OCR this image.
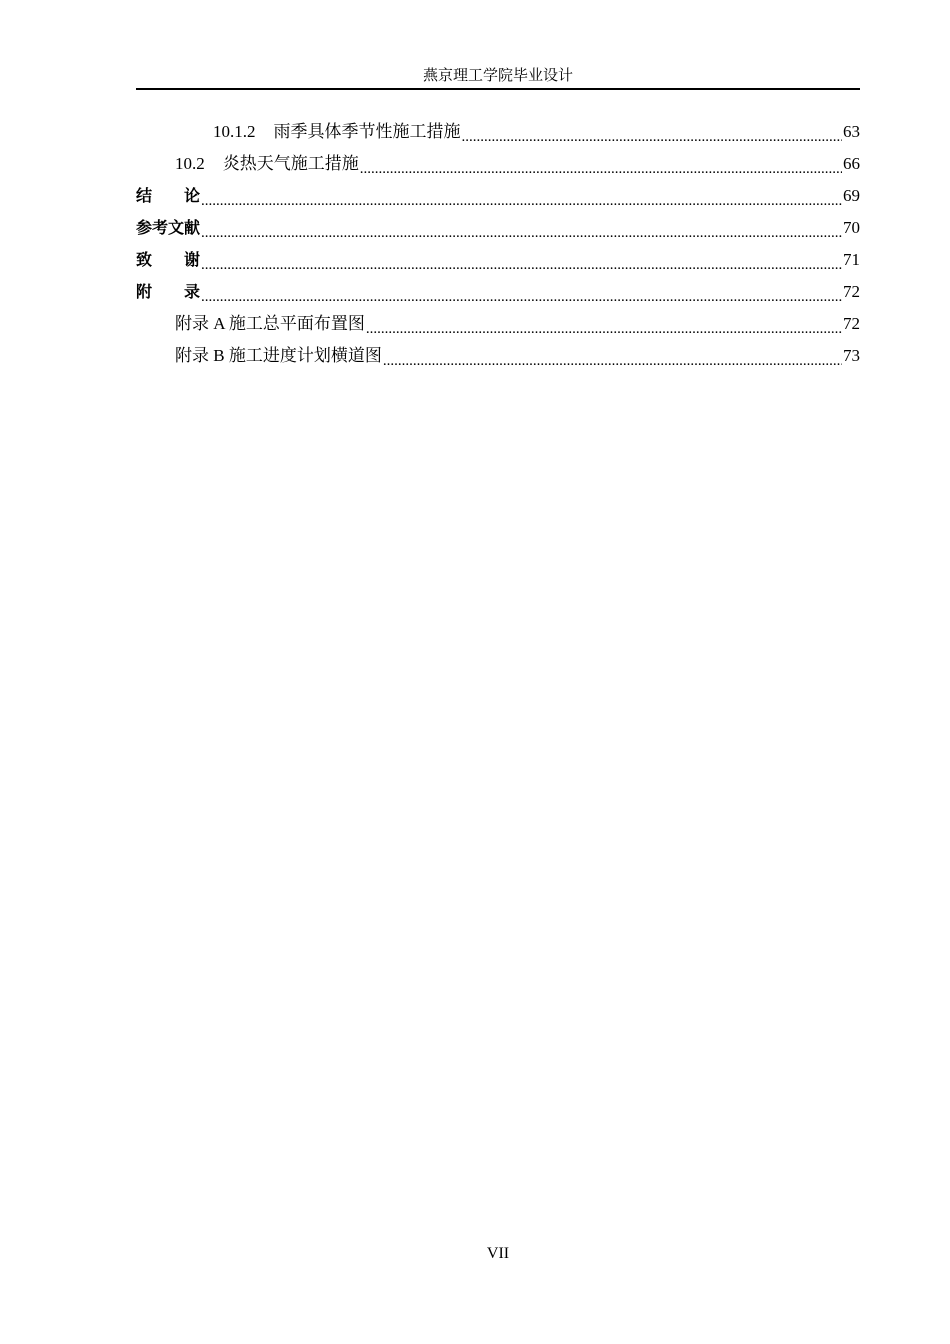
燕京理工学院毕业设计
10.1.2 雨季具体季节性施工措施 .....	63
10.2 炎热天气施工措施 .....	66
结　　论 .....	69
参考文献 .....	70
致　　谢 .....	71
附　　录 .....	72
附录 A 施工总平面布置图 .....	72
附录 B 施工进度计划横道图 .....	73
VII
